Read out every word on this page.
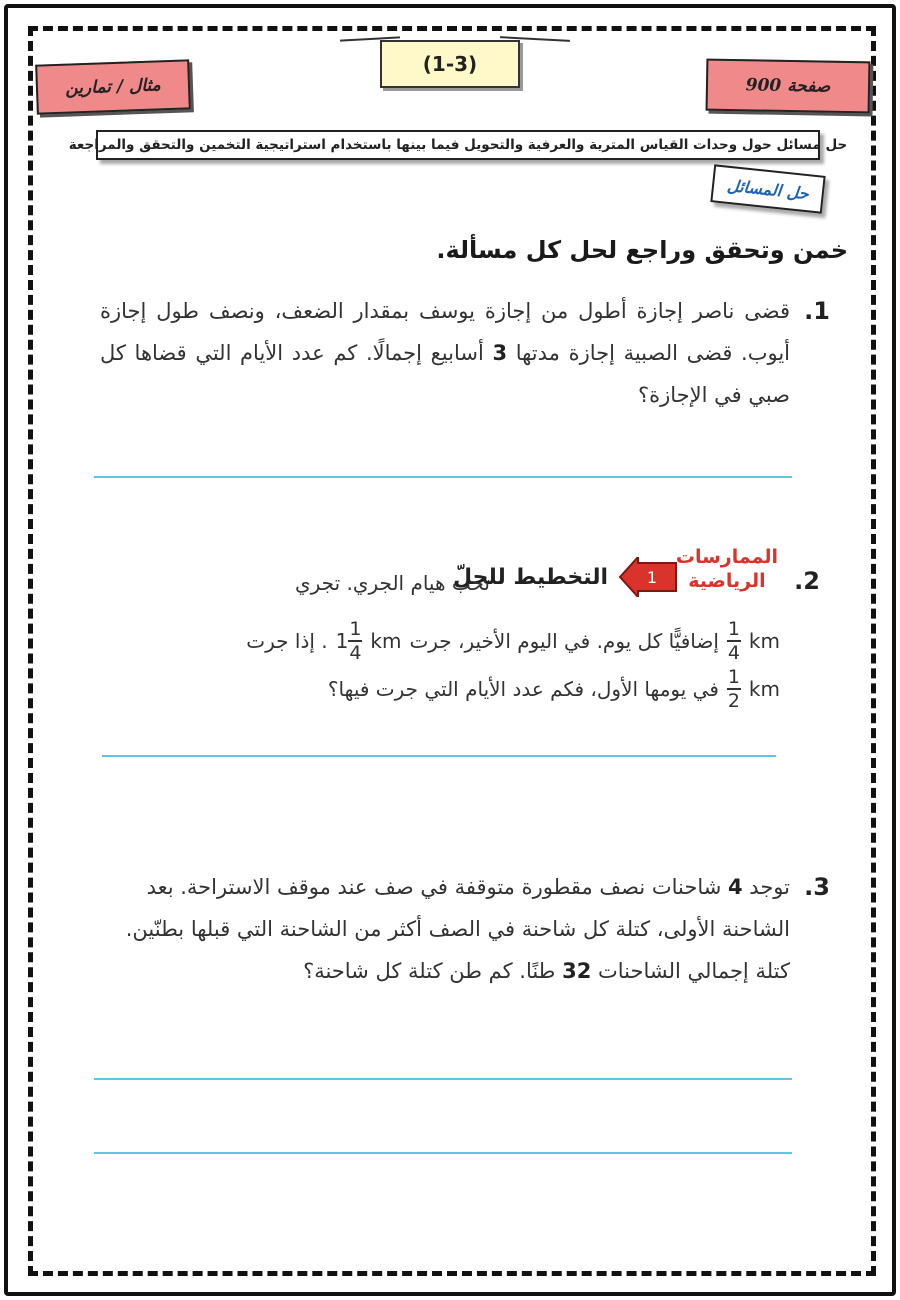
مثال / تمارين
(1-3)
صفحة 900
حل مسائل حول وحدات القياس المترية والعرفية والتحويل فيما بينها باستخدام استراتيجية التخمين والتحقق والمراجعة
حل المسائل
خمن وتحقق وراجع لحل كل مسألة.
1.
قضى ناصر إجازة أطول من إجازة يوسف بمقدار الضعف، ونصف طول إجازة أيوب. قضى الصبية إجازة مدتها 3 أسابيع إجمالًا. كم عدد الأيام التي قضاها كل صبي في الإجازة؟
2.
الممارسات
الرياضية
1
التخطيط للحلّ
تحب هيام الجري. تجري
km
$\frac{1}{4}$
إضافيًّا كل يوم. في اليوم الأخير، جرت
km
$1 \frac{1}{4}$
. إذا جرت
km
$\frac{1}{2}$
في يومها الأول، فكم عدد الأيام التي جرت فيها؟
3.
توجد 4 شاحنات نصف مقطورة متوقفة في صف عند موقف الاستراحة. بعد الشاحنة الأولى، كتلة كل شاحنة في الصف أكثر من الشاحنة التي قبلها بطنّين. كتلة إجمالي الشاحنات 32 طنًا. كم طن كتلة كل شاحنة؟
